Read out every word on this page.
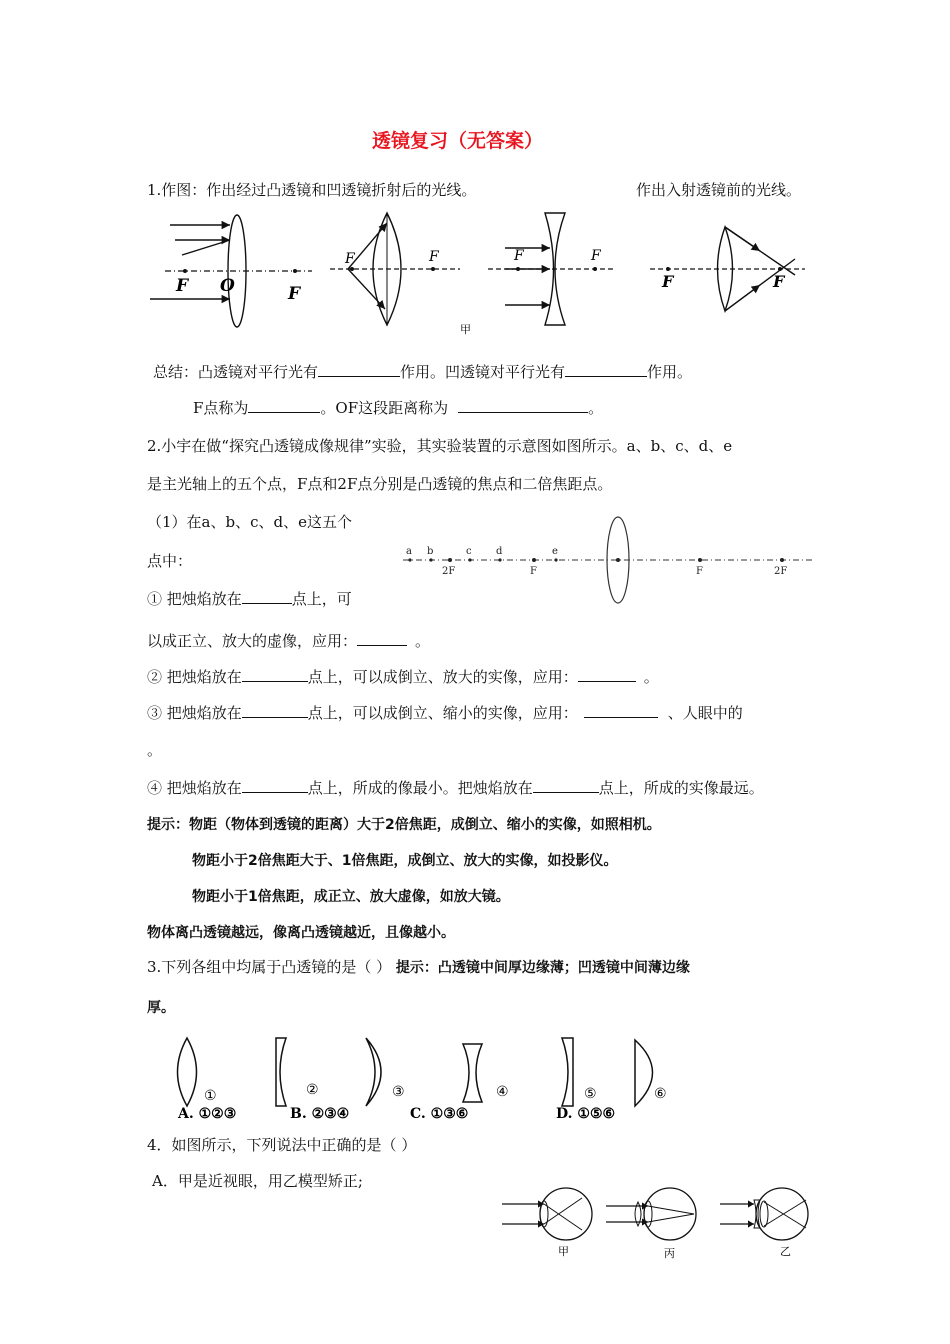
透镜复习（无答案）
1.作图：作出经过凸透镜和凹透镜折射后的光线。	作出入射透镜前的光线。
F O	F
F	F	F	F
甲
F	F
总结：凸透镜对平行光有	作用。凹透镜对平行光有	作用。
F点称为	。OF这段距离称为	。
2.小宇在做“探究凸透镜成像规律”实验，其实验装置的示意图如图所示。a、b、c、d、e
是主光轴上的五个点，F点和2F点分别是凸透镜的焦点和二倍焦距点。
（1）在a、b、c、d、e这五个
点中：
a b	c d	e
2F	F	F	2F
① 把烛焰放在	点上，可
以成正立、放大的虚像，应用：	。
② 把烛焰放在	点上，可以成倒立、放大的实像，应用：	。
③ 把烛焰放在	点上，可以成倒立、缩小的实像，应用：	、人眼中的
。
④ 把烛焰放在	点上，所成的像最小。把烛焰放在	点上，所成的实像最远。
提示：物距（物体到透镜的距离）大于2倍焦距，成倒立、缩小的实像，如照相机。
物距小于2倍焦距大于、1倍焦距，成倒立、放大的实像，如投影仪。
物距小于1倍焦距，成正立、放大虚像，如放大镜。
物体离凸透镜越远，像离凸透镜越近，且像越小。
3.下列各组中均属于凸透镜的是（ ） 提示：凸透镜中间厚边缘薄；凹透镜中间薄边缘
厚。
①	②	③	④	⑤	⑥
A. ①②③	B. ②③④	C. ①③⑥	D. ①⑤⑥
4．如图所示，下列说法中正确的是（ ）
A．甲是近视眼，用乙模型矫正;
甲	丙	乙
